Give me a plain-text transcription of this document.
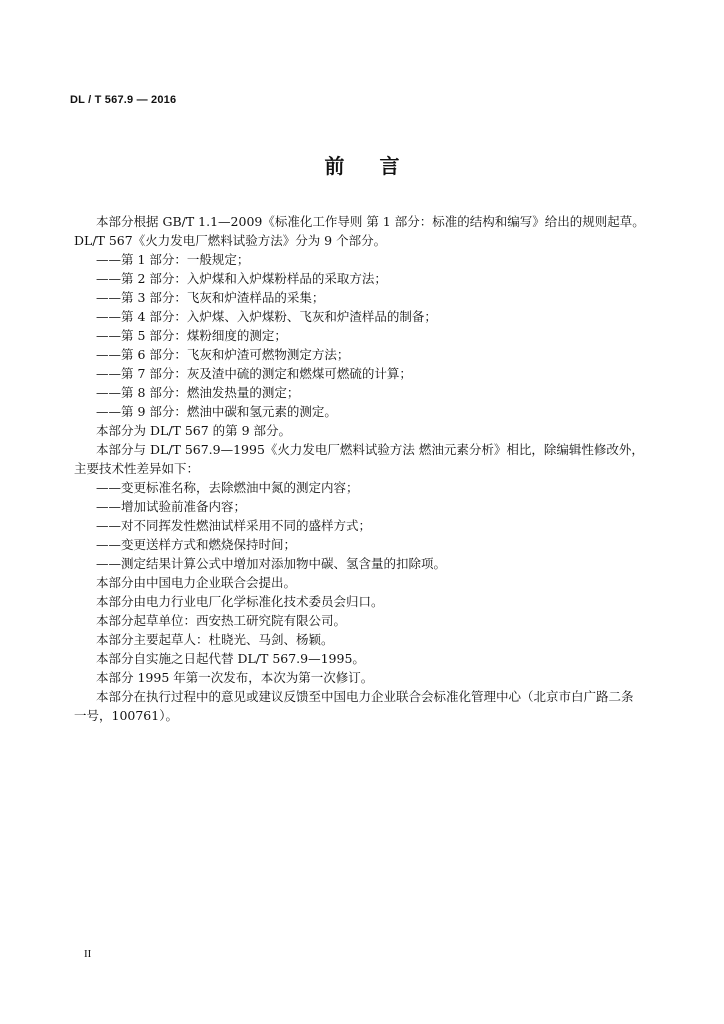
DL / T 567.9 — 2016
前 言
本部分根据 GB/T 1.1—2009《标准化工作导则 第 1 部分：标准的结构和编写》给出的规则起草。
DL/T 567《火力发电厂燃料试验方法》分为 9 个部分。
——第 1 部分：一般规定；
——第 2 部分：入炉煤和入炉煤粉样品的采取方法；
——第 3 部分：飞灰和炉渣样品的采集；
——第 4 部分：入炉煤、入炉煤粉、飞灰和炉渣样品的制备；
——第 5 部分：煤粉细度的测定；
——第 6 部分：飞灰和炉渣可燃物测定方法；
——第 7 部分：灰及渣中硫的测定和燃煤可燃硫的计算；
——第 8 部分：燃油发热量的测定；
——第 9 部分：燃油中碳和氢元素的测定。
本部分为 DL/T 567 的第 9 部分。
本部分与 DL/T 567.9—1995《火力发电厂燃料试验方法 燃油元素分析》相比，除编辑性修改外，
主要技术性差异如下：
——变更标准名称，去除燃油中氮的测定内容；
——增加试验前准备内容；
——对不同挥发性燃油试样采用不同的盛样方式；
——变更送样方式和燃烧保持时间；
——测定结果计算公式中增加对添加物中碳、氢含量的扣除项。
本部分由中国电力企业联合会提出。
本部分由电力行业电厂化学标准化技术委员会归口。
本部分起草单位：西安热工研究院有限公司。
本部分主要起草人：杜晓光、马剑、杨颖。
本部分自实施之日起代替 DL/T 567.9—1995。
本部分 1995 年第一次发布，本次为第一次修订。
本部分在执行过程中的意见或建议反馈至中国电力企业联合会标准化管理中心（北京市白广路二条
一号，100761）。
II
